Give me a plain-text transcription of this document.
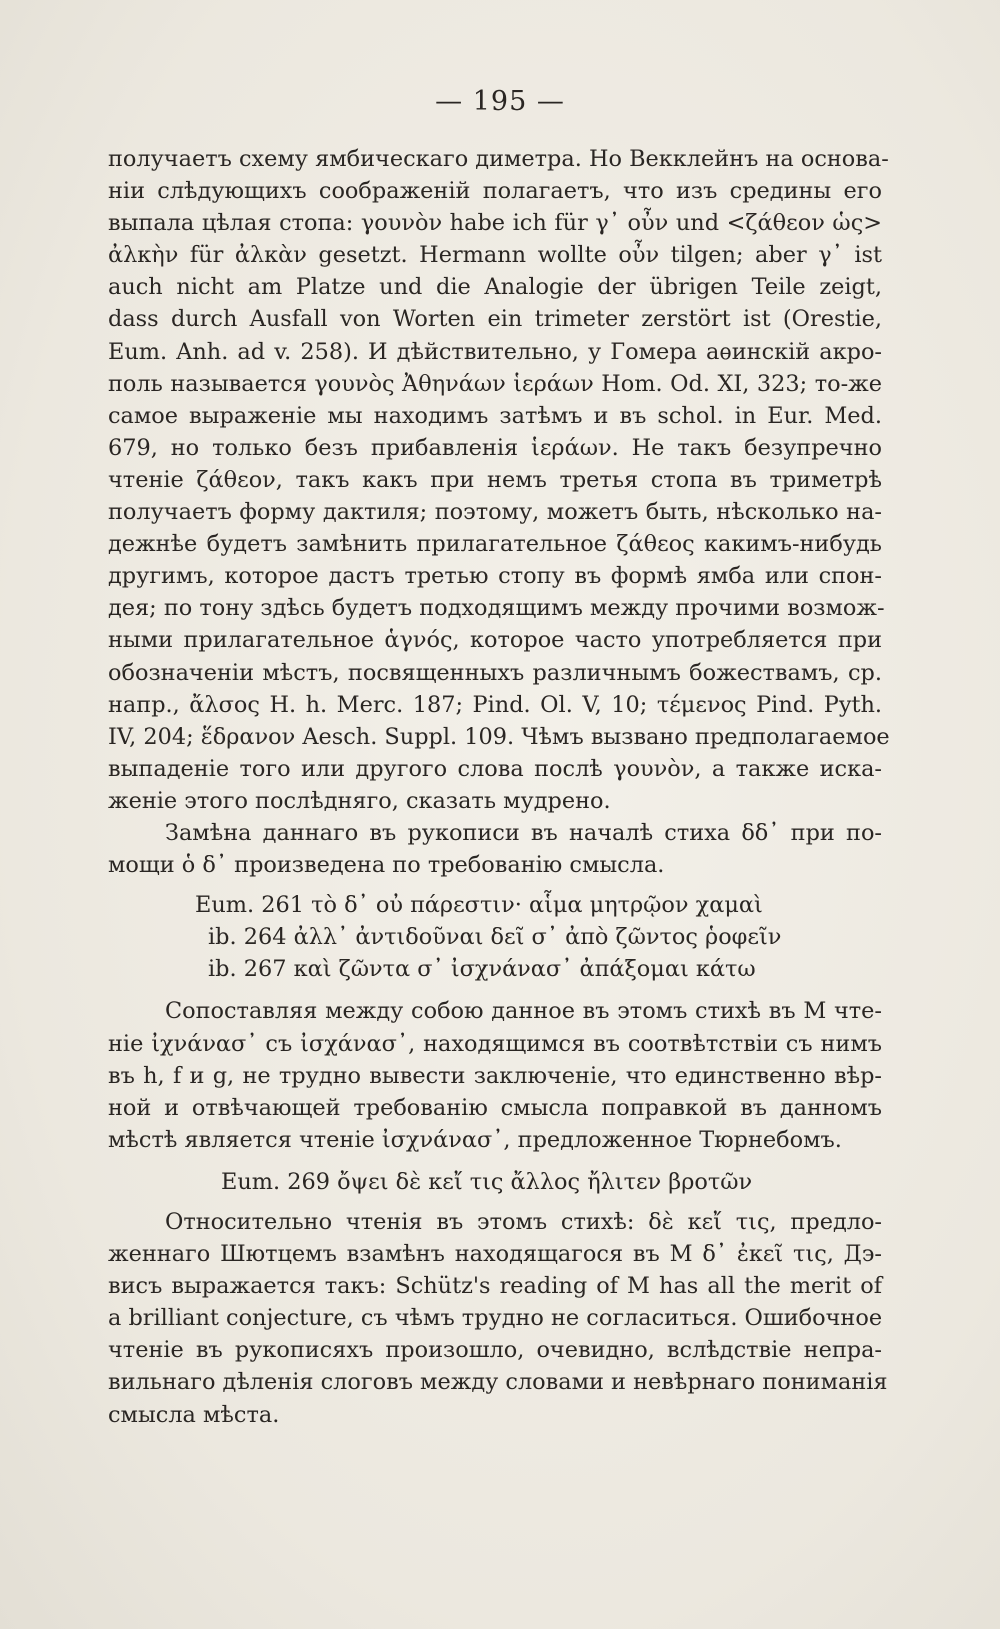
— 195 —
получаетъ схему ямбическаго диметра. Но Векклейнъ на основа-
нiи слѣдующихъ соображенiй полагаетъ, что изъ средины его
выпала цѣлая стопа: γουνὸν habe ich für γ᾽ οὖν und <ζάθεον ὡς>
ἀλκὴν für ἀλκὰν gesetzt. Hermann wollte οὖν tilgen; aber γ᾽ ist
auch nicht am Platze und die Analogie der übrigen Teile zeigt,
dass durch Ausfall von Worten ein trimeter zerstört ist (Orestie,
Eum. Anh. ad v. 258). И дѣйствительно, у Гомера аѳинскiй акро-
поль называется γουνὸς Ἀθηνάων ἱεράων Hom. Od. XI, 323; то-же
самое выраженiе мы находимъ затѣмъ и въ schol. in Eur. Med.
679, но только безъ прибавленiя ἱεράων. Не такъ безупречно
чтенiе ζάθεον, такъ какъ при немъ третья стопа въ триметрѣ
получаетъ форму дактиля; поэтому, можетъ быть, нѣсколько на-
дежнѣе будетъ замѣнить прилагательное ζάθεος какимъ-нибудь
другимъ, которое дастъ третью стопу въ формѣ ямба или спон-
дея; по тону здѣсь будетъ подходящимъ между прочими возмож-
ными прилагательное ἁγνός, которое часто употребляется при
обозначенiи мѣстъ, посвященныхъ различнымъ божествамъ, ср.
напр., ἄλσος H. h. Merc. 187; Pind. Ol. V, 10; τέμενος Pind. Pyth.
IV, 204; ἕδρανον Aesch. Suppl. 109. Чѣмъ вызвано предполагаемое
выпаденiе того или другого слова послѣ γουνὸν, а также иска-
женiе этого послѣдняго, сказать мудрено.
Замѣна даннаго въ рукописи въ началѣ стиха δδ᾽ при по-
мощи ὁ δ᾽ произведена по требованiю смысла.
Eum. 261 τὸ δ᾽ οὐ πάρεστιν· αἷμα μητρῷον χαμαὶ
ib. 264 ἀλλ᾽ ἀντιδοῦναι δεῖ σ᾽ ἀπὸ ζῶντος ῥοφεῖν
ib. 267 καὶ ζῶντα σ᾽ ἰσχνάνασ᾽ ἀπάξομαι κάτω
Сопоставляя между собою данное въ этомъ стихѣ въ M чте-
нiе ἰχνάνασ᾽ съ ἰσχάνασ᾽, находящимся въ соотвѣтствiи съ нимъ
въ h, f и g, не трудно вывести заключенiе, что единственно вѣр-
ной и отвѣчающей требованiю смысла поправкой въ данномъ
мѣстѣ является чтенiе ἰσχνάνασ᾽, предложенное Тюрнебомъ.
Eum. 269 ὄψει δὲ κεἴ τις ἄλλος ἤλιτεν βροτῶν
Относительно чтенiя въ этомъ стихѣ: δὲ κεἴ τις, предло-
женнаго Шютцемъ взамѣнъ находящагося въ M δ᾽ ἐκεῖ τις, Дэ-
висъ выражается такъ: Schütz's reading of M has all the merit of
a brilliant conjecture, съ чѣмъ трудно не согласиться. Ошибочное
чтенiе въ рукописяхъ произошло, очевидно, вслѣдствiе непра-
вильнаго дѣленiя слоговъ между словами и невѣрнаго пониманiя
смысла мѣста.
